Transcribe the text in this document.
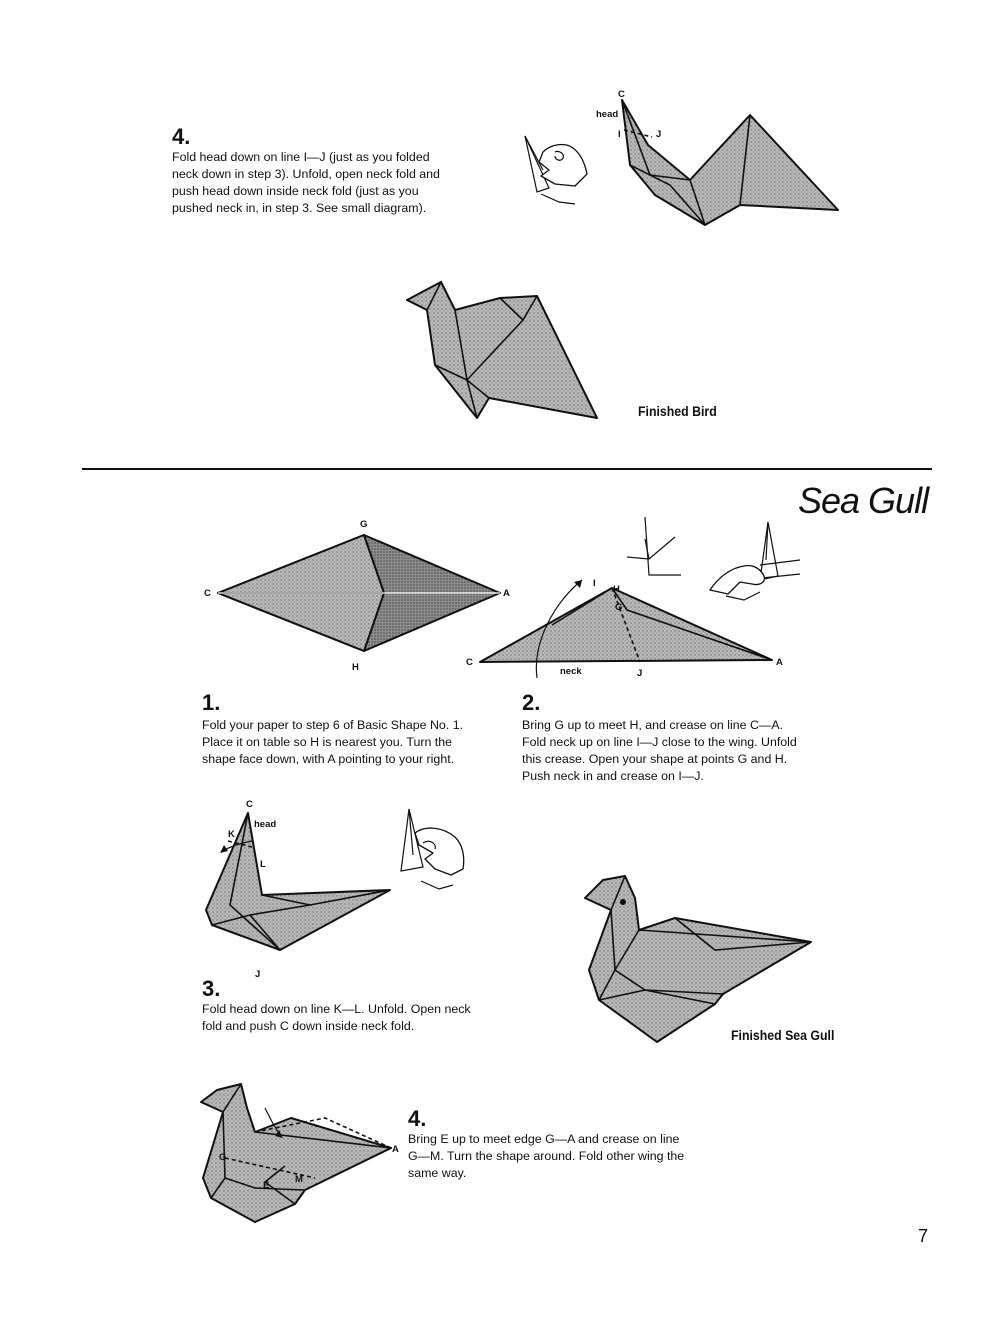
4.
Fold head down on line I—J (just as you folded neck down in step 3). Unfold, open neck fold and push head down inside neck fold (just as you pushed neck in, in step 3. See small diagram).
C
head
I	J
Finished Bird
Sea Gull
G
C	A
H
1.
Fold your paper to step 6 of Basic Shape No. 1. Place it on table so H is nearest you. Turn the shape face down, with A pointing to your right.
C	A
I
H
G
neck	J
2.
Bring G up to meet H, and crease on line C—A. Fold neck up on line I—J close to the wing. Unfold this crease. Open your shape at points G and H. Push neck in and crease on I—J.
C
K
head
L
J
3.
Fold head down on line K—L. Unfold. Open neck fold and push C down inside neck fold.
Finished Sea Gull
A
G
E
M
4.
Bring E up to meet edge G—A and crease on line G—M. Turn the shape around. Fold other wing the same way.
7
